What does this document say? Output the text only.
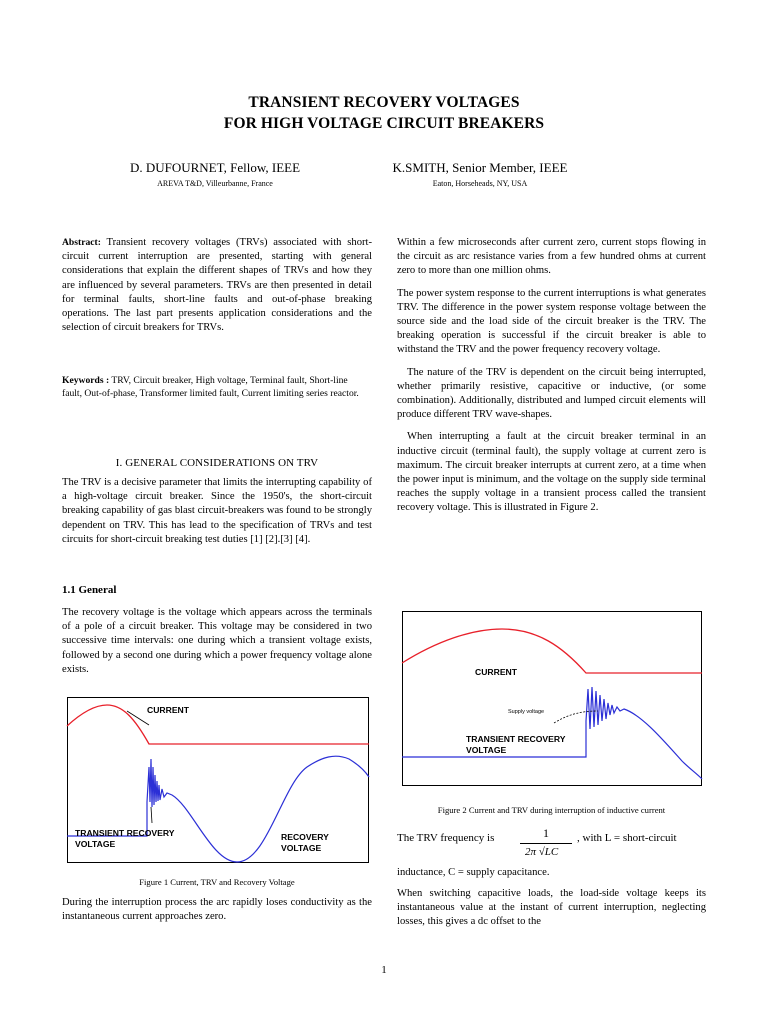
TRANSIENT RECOVERY VOLTAGES
FOR HIGH VOLTAGE CIRCUIT BREAKERS
D. DUFOURNET, Fellow, IEEE
AREVA T&D, Villeurbanne, France
K.SMITH, Senior Member, IEEE
Eaton, Horseheads, NY, USA

Abstract: Transient recovery voltages (TRVs) associated with short-circuit current interruption are presented, starting with general considerations that explain the different shapes of TRVs and how they are influenced by several parameters. TRVs are then presented in detail for terminal faults, short-line faults and out-of-phase breaking operations. The last part presents application considerations and the selection of circuit breakers for TRVs.

Keywords : TRV, Circuit breaker, High voltage, Terminal fault, Short-line fault, Out-of-phase, Transformer limited fault, Current limiting series reactor.
I. GENERAL CONSIDERATIONS ON TRV
The TRV is a decisive parameter that limits the interrupting capability of a high-voltage circuit breaker. Since the 1950's, the short-circuit breaking capability of gas blast circuit-breakers was found to be strongly dependent on TRV. This has lead to the specification of TRVs and test circuits for short-circuit breaking test duties [1] [2].[3] [4].
1.1 General
The recovery voltage is the voltage which appears across the terminals of a pole of a circuit breaker. This voltage may be considered in two successive time intervals: one during which a transient voltage exists, followed by a second one during which a power frequency voltage alone exists.
CURRENT
TRANSIENT RECOVERY
VOLTAGE
RECOVERY
VOLTAGE
Figure 1 Current, TRV and Recovery Voltage
During the interruption process the arc rapidly loses conductivity as the instantaneous current approaches zero.

Within a few microseconds after current zero, current stops flowing in the circuit as arc resistance varies from a few hundred ohms at current zero to more than one million ohms.

The power system response to the current interruptions is what generates TRV. The difference in the power system response voltage between the source side and the load side of the circuit breaker is the TRV. The breaking operation is successful if the circuit breaker is able to withstand the TRV and the power frequency recovery voltage.

The nature of the TRV is dependent on the circuit being interrupted, whether primarily resistive, capacitive or inductive, (or some combination). Additionally, distributed and lumped circuit elements will produce different TRV wave-shapes.

When interrupting a fault at the circuit breaker terminal in an inductive circuit (terminal fault), the supply voltage at current zero is maximum. The circuit breaker interrupts at current zero, at a time when the power input is minimum, and the voltage on the supply side terminal reaches the supply voltage in a transient process called the transient recovery voltage. This is illustrated in Figure 2.

CURRENT
Supply voltage
TRANSIENT RECOVERY
VOLTAGE
Figure 2 Current and TRV during interruption of inductive current
The TRV frequency is	1
2π √LC
, with L = short-circuit
inductance, C = supply capacitance.
When switching capacitive loads, the load-side voltage keeps its instantaneous value at the instant of current interruption, neglecting losses, this gives a dc offset to the
1
